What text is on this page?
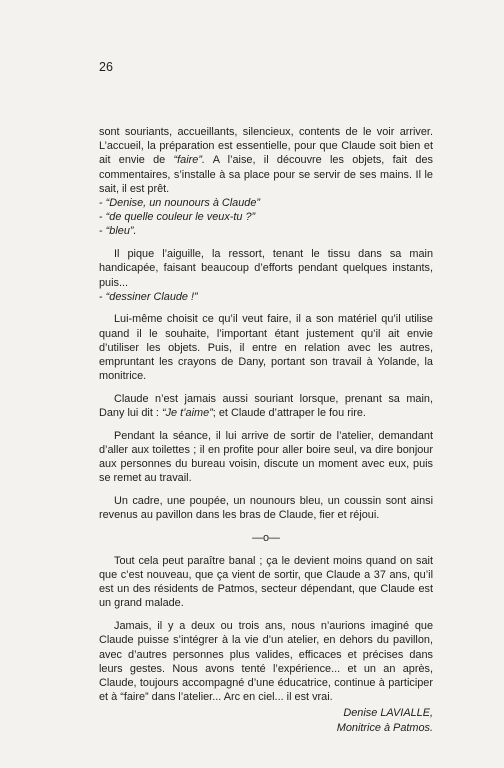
26

sont souriants, accueillants, silencieux, contents de le voir arriver. L’accueil, la préparation est essentielle, pour que Claude soit bien et ait envie de “faire”. A l’aise, il découvre les objets, fait des commentaires, s’installe à sa place pour se servir de ses mains. Il le sait, il est prêt.

- “Denise, un nounours à Claude”
- “de quelle couleur le veux-tu ?”
- “bleu”.

Il pique l’aiguille, la ressort, tenant le tissu dans sa main handicapée, faisant beaucoup d’efforts pendant quelques instants, puis...

- “dessiner Claude !”

Lui-même choisit ce qu’il veut faire, il a son matériel qu’il utilise quand il le souhaite, l’important étant justement qu’il ait envie d’utiliser les objets. Puis, il entre en relation avec les autres, empruntant les crayons de Dany, portant son travail à Yolande, la monitrice.

Claude n’est jamais aussi souriant lorsque, prenant sa main, Dany lui dit : “Je t’aime”; et Claude d’attraper le fou rire.

Pendant la séance, il lui arrive de sortir de l’atelier, demandant d’aller aux toilettes ; il en profite pour aller boire seul, va dire bonjour aux personnes du bureau voisin, discute un moment avec eux, puis se remet au travail.

Un cadre, une poupée, un nounours bleu, un coussin sont ainsi revenus au pavillon dans les bras de Claude, fier et réjoui.

—o—

Tout cela peut paraître banal ; ça le devient moins quand on sait que c’est nouveau, que ça vient de sortir, que Claude a 37 ans, qu’il est un des résidents de Patmos, secteur dépendant, que Claude est un grand malade.

Jamais, il y a deux ou trois ans, nous n’aurions imaginé que Claude puisse s’intégrer à la vie d’un atelier, en dehors du pavillon, avec d’autres personnes plus valides, efficaces et précises dans leurs gestes. Nous avons tenté l’expérience... et un an après, Claude, toujours accompagné d’une éducatrice, continue à participer et à “faire” dans l’atelier... Arc en ciel... il est vrai.

Denise LAVIALLE,
Monitrice à Patmos.
